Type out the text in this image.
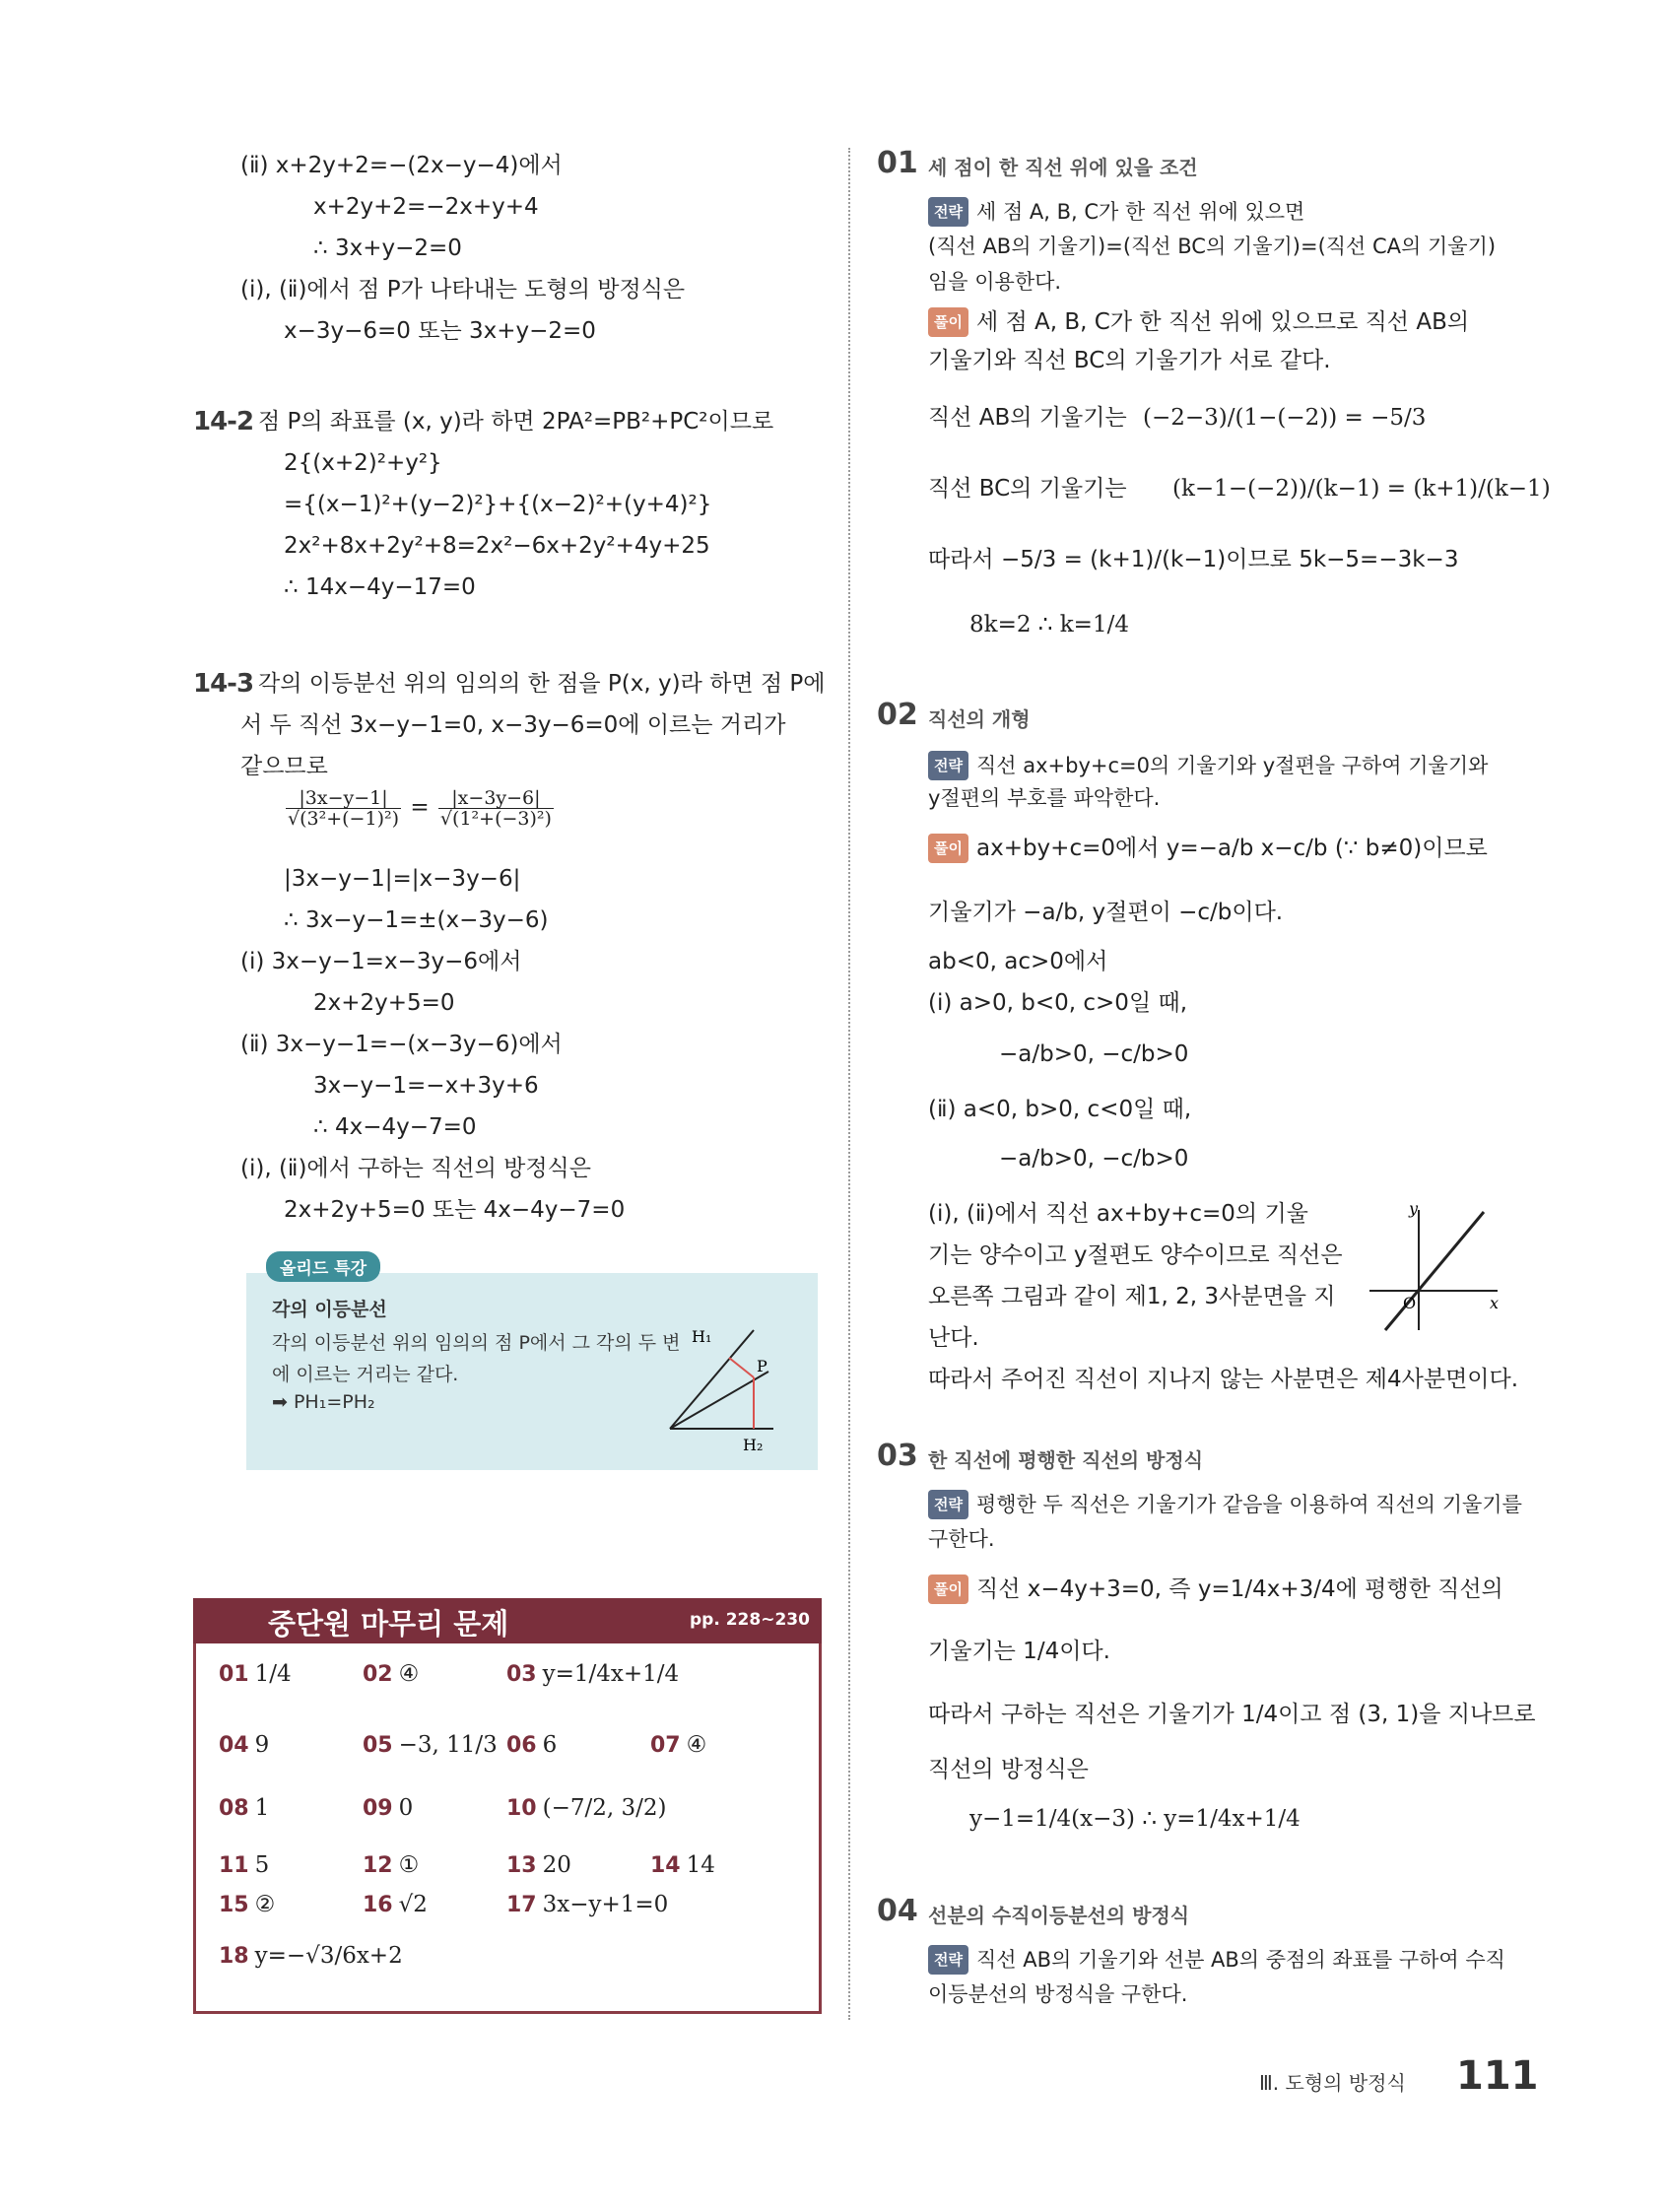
(ⅱ) x+2y+2=−(2x−y−4)에서
x+2y+2=−2x+y+4
∴ 3x+y−2=0
(ⅰ), (ⅱ)에서 점 P가 나타내는 도형의 방정식은
x−3y−6=0 또는 3x+y−2=0
14-2 점 P의 좌표를 (x, y)라 하면 2PA²=PB²+PC²이므로
2{(x+2)²+y²}
={(x−1)²+(y−2)²}+{(x−2)²+(y+4)²}
2x²+8x+2y²+8=2x²−6x+2y²+4y+25
∴ 14x−4y−17=0
14-3 각의 이등분선 위의 임의의 한 점을 P(x, y)라 하면 점 P에
서 두 직선 3x−y−1=0, x−3y−6=0에 이르는 거리가
같으므로
$\frac{|3x-y-1|}{\text{√(3²+(−1)²)}} = \frac{|x-3y-6|}{\text{√(1²+(−3)²)}}$
|3x−y−1|=|x−3y−6|
∴ 3x−y−1=±(x−3y−6)
(ⅰ) 3x−y−1=x−3y−6에서
2x+2y+5=0
(ⅱ) 3x−y−1=−(x−3y−6)에서
3x−y−1=−x+3y+6
∴ 4x−4y−7=0
(ⅰ), (ⅱ)에서 구하는 직선의 방정식은
2x+2y+5=0 또는 4x−4y−7=0
올리드 특강
각의 이등분선
각의 이등분선 위의 임의의 점 P에서 그 각의 두 변
에 이르는 거리는 같다.
➡ PH₁=PH₂
H₁
P
H₂
중단원 마무리 문제	pp. 228~230
01 1/4	02 ④	03 y=1/4x+1/4
04 9	05 −3, 11/3 06 6	07 ④
08 1	09 0	10 (−7/2, 3/2)
11 5	12 ①	13 20	14 14
15 ②	16 √2	17 3x−y+1=0
18 y=−√3/6x+2
01 세 점이 한 직선 위에 있을 조건
전략 세 점 A, B, C가 한 직선 위에 있으면
(직선 AB의 기울기)=(직선 BC의 기울기)=(직선 CA의 기울기)
임을 이용한다.
풀이 세 점 A, B, C가 한 직선 위에 있으므로 직선 AB의
기울기와 직선 BC의 기울기가 서로 같다.
직선 AB의 기울기는 (−2−3)/(1−(−2)) = −5/3
직선 BC의 기울기는 (k−1−(−2))/(k−1) = (k+1)/(k−1)
따라서 −5/3 = (k+1)/(k−1)이므로 5k−5=−3k−3
8k=2 ∴ k=1/4
02 직선의 개형
전략 직선 ax+by+c=0의 기울기와 y절편을 구하여 기울기와
y절편의 부호를 파악한다.
풀이 ax+by+c=0에서 y=−a/b x−c/b (∵ b≠0)이므로
기울기가 −a/b, y절편이 −c/b이다.
ab<0, ac>0에서
(ⅰ) a>0, b<0, c>0일 때,
−a/b>0, −c/b>0
(ⅱ) a<0, b>0, c<0일 때,
−a/b>0, −c/b>0
(ⅰ), (ⅱ)에서 직선 ax+by+c=0의 기울
기는 양수이고 y절편도 양수이므로 직선은
오른쪽 그림과 같이 제1, 2, 3사분면을 지
난다.
따라서 주어진 직선이 지나지 않는 사분면은 제4사분면이다.
y
x
O
03 한 직선에 평행한 직선의 방정식
전략 평행한 두 직선은 기울기가 같음을 이용하여 직선의 기울기를
구한다.
풀이 직선 x−4y+3=0, 즉 y=1/4x+3/4에 평행한 직선의
기울기는 1/4이다.
따라서 구하는 직선은 기울기가 1/4이고 점 (3, 1)을 지나므로
직선의 방정식은
y−1=1/4(x−3) ∴ y=1/4x+1/4
04 선분의 수직이등분선의 방정식
전략 직선 AB의 기울기와 선분 AB의 중점의 좌표를 구하여 수직
이등분선의 방정식을 구한다.
Ⅲ. 도형의 방정식 111
